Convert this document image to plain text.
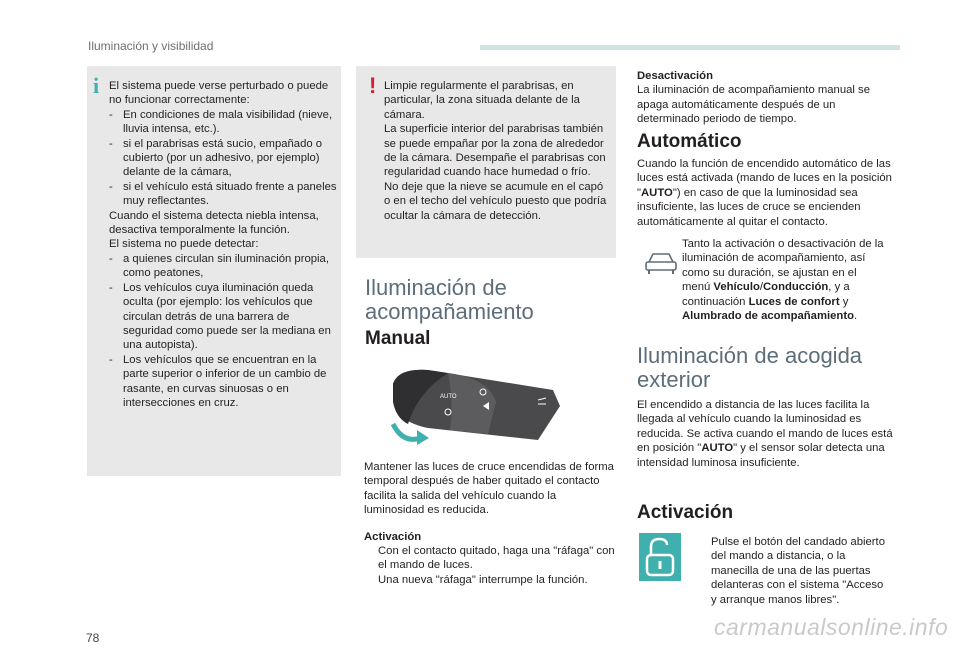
Iluminación y visibilidad
i El sistema puede verse perturbado o puede no funcionar correctamente:
- En condiciones de mala visibilidad (nieve, lluvia intensa, etc.).
- si el parabrisas está sucio, empañado o cubierto (por un adhesivo, por ejemplo) delante de la cámara,
- si el vehículo está situado frente a paneles muy reflectantes.
Cuando el sistema detecta niebla intensa, desactiva temporalmente la función.
El sistema no puede detectar:
- a quienes circulan sin iluminación propia, como peatones,
- Los vehículos cuya iluminación queda oculta (por ejemplo: los vehículos que circulan detrás de una barrera de seguridad como puede ser la mediana en una autopista).
- Los vehículos que se encuentran en la parte superior o inferior de un cambio de rasante, en curvas sinuosas o en intersecciones en cruz.
! Limpie regularmente el parabrisas, en particular, la zona situada delante de la cámara.
La superficie interior del parabrisas también se puede empañar por la zona de alrededor de la cámara. Desempañe el parabrisas con regularidad cuando hace humedad o frío.
No deje que la nieve se acumule en el capó o en el techo del vehículo puesto que podría ocultar la cámara de detección.
Iluminación de
acompañamiento
Manual
AUTO
Mantener las luces de cruce encendidas de forma temporal después de haber quitado el contacto facilita la salida del vehículo cuando la luminosidad es reducida.
Activación
Con el contacto quitado, haga una "ráfaga" con el mando de luces.
Una nueva "ráfaga" interrumpe la función.
Desactivación
La iluminación de acompañamiento manual se apaga automáticamente después de un determinado periodo de tiempo.
Automático
Cuando la función de encendido automático de las luces está activada (mando de luces en la posición "AUTO") en caso de que la luminosidad sea insuficiente, las luces de cruce se encienden automáticamente al quitar el contacto.
Tanto la activación o desactivación de la iluminación de acompañamiento, así como su duración, se ajustan en el menú Vehículo/Conducción, y a continuación Luces de confort y Alumbrado de acompañamiento.
Iluminación de acogida
exterior
El encendido a distancia de las luces facilita la llegada al vehículo cuando la luminosidad es reducida. Se activa cuando el mando de luces está en posición "AUTO" y el sensor solar detecta una intensidad luminosa insuficiente.
Activación
Pulse el botón del candado abierto del mando a distancia, o la manecilla de una de las puertas delanteras con el sistema "Acceso y arranque manos libres".
78	carmanualsonline.info
